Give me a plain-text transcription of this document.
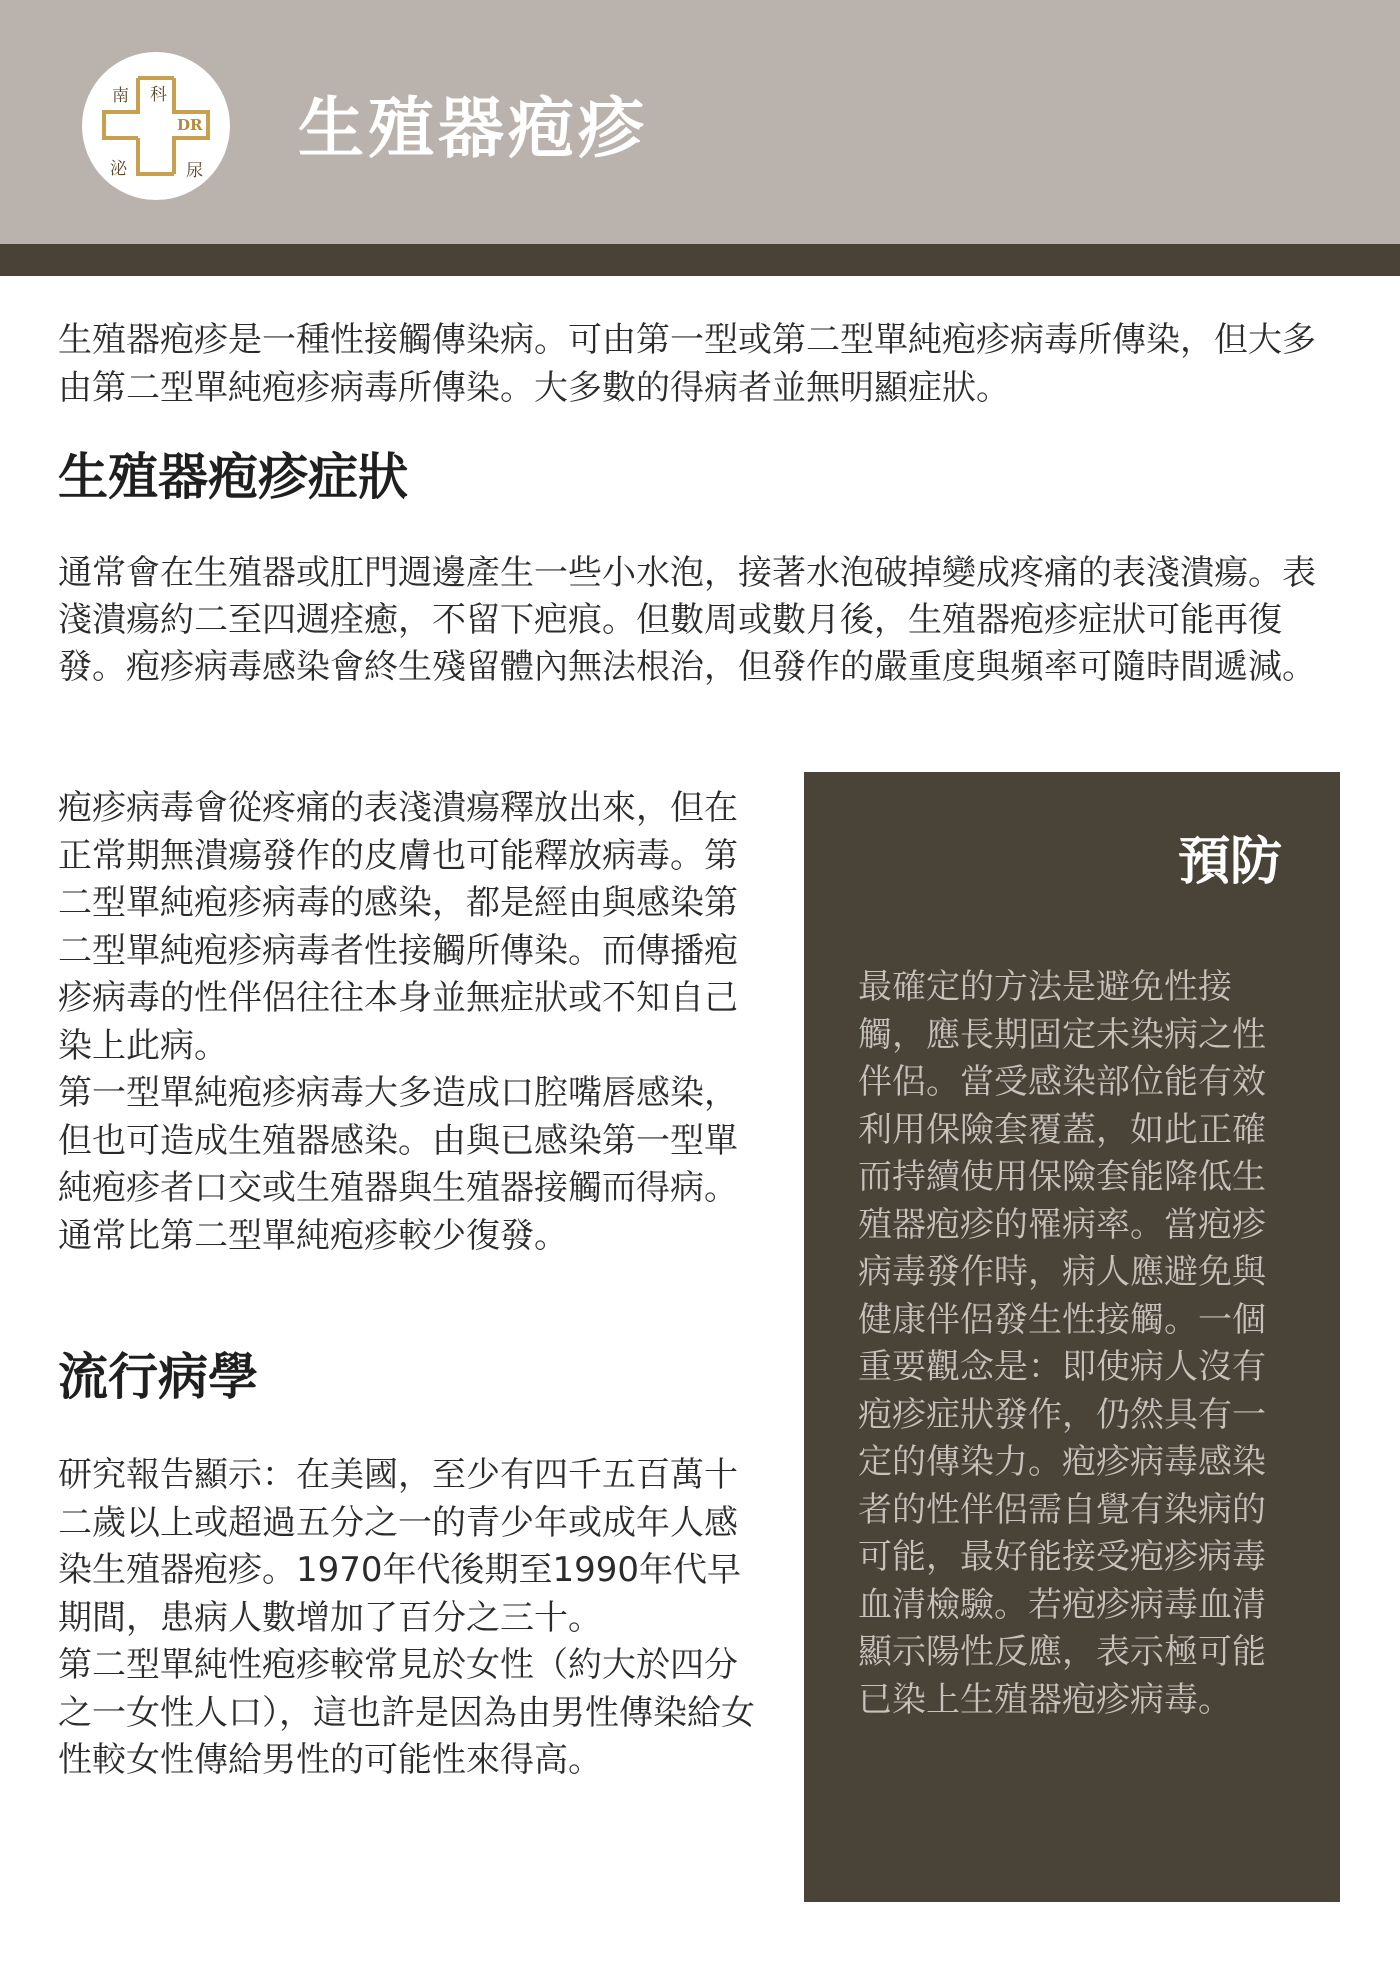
南 科
泌	尿
DR 生殖器疱疹

生殖器疱疹是一種性接觸傳染病。可由第一型或第二型單純疱疹病毒所傳染，但大多由第二型單純疱疹病毒所傳染。大多數的得病者並無明顯症狀。

生殖器疱疹症狀

通常會在生殖器或肛門週邊產生一些小水泡，接著水泡破掉變成疼痛的表淺潰瘍。表淺潰瘍約二至四週痊癒，不留下疤痕。但數周或數月後，生殖器疱疹症狀可能再復發。疱疹病毒感染會終生殘留體內無法根治，但發作的嚴重度與頻率可隨時間遞減。

疱疹病毒會從疼痛的表淺潰瘍釋放出來，但在正常期無潰瘍發作的皮膚也可能釋放病毒。第二型單純疱疹病毒的感染，都是經由與感染第二型單純疱疹病毒者性接觸所傳染。而傳播疱疹病毒的性伴侶往往本身並無症狀或不知自己染上此病。

第一型單純疱疹病毒大多造成口腔嘴唇感染，但也可造成生殖器感染。由與已感染第一型單純疱疹者口交或生殖器與生殖器接觸而得病。通常比第二型單純疱疹較少復發。

流行病學

研究報告顯示：在美國，至少有四千五百萬十二歲以上或超過五分之一的青少年或成年人感染生殖器疱疹。1970年代後期至1990年代早期間，患病人數增加了百分之三十。

第二型單純性疱疹較常見於女性（約大於四分之一女性人口），這也許是因為由男性傳染給女性較女性傳給男性的可能性來得高。

預防

最確定的方法是避免性接觸，應長期固定未染病之性伴侶。當受感染部位能有效利用保險套覆蓋，如此正確而持續使用保險套能降低生殖器疱疹的罹病率。當疱疹病毒發作時，病人應避免與健康伴侶發生性接觸。一個重要觀念是：即使病人沒有疱疹症狀發作，仍然具有一 定的傳染力。疱疹病毒感染者的性伴侶需自覺有染病的可能，最好能接受疱疹病毒血清檢驗。若疱疹病毒血清顯示陽性反應，表示極可能已染上生殖器疱疹病毒。
